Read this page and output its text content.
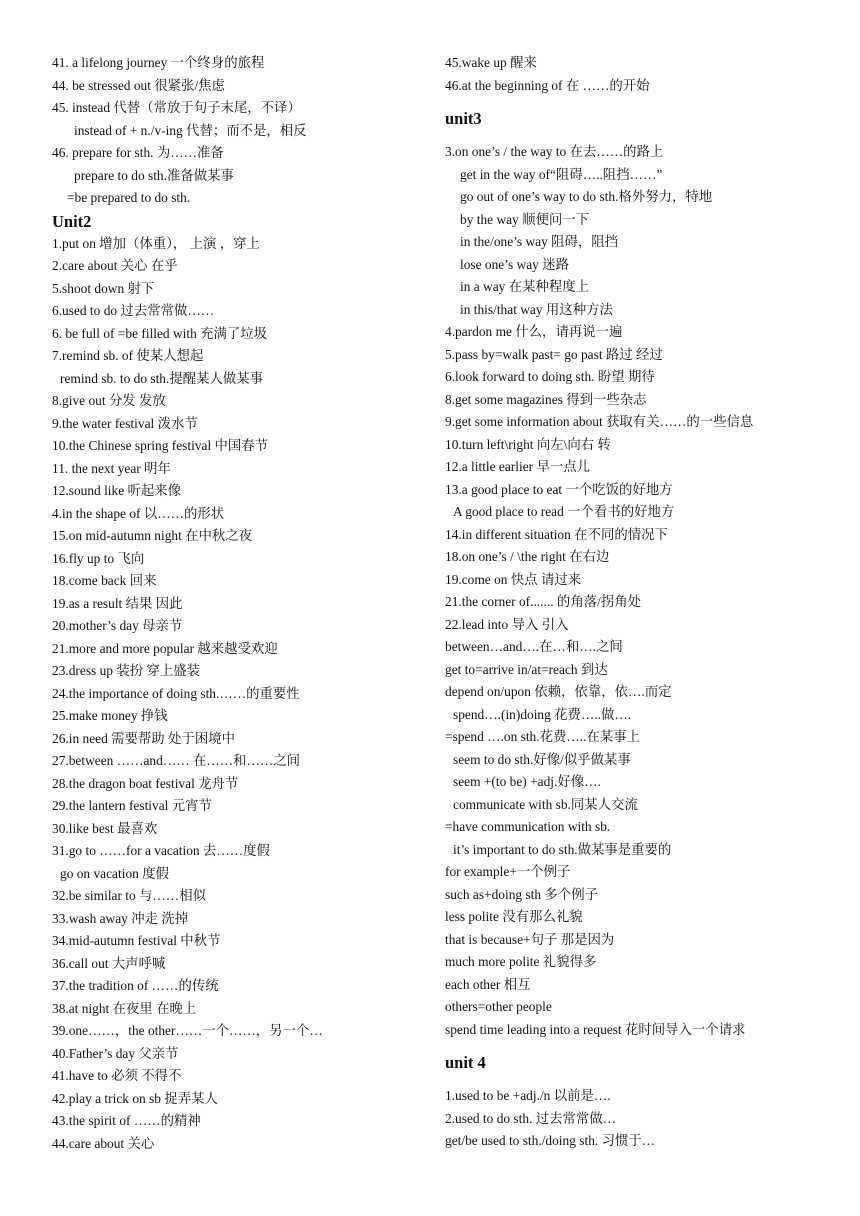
41. a lifelong journey 一个终身的旅程
44. be stressed out 很紧张/焦虑
45. instead 代替（常放于句子末尾，不译）
instead of + n./v-ing 代替；而不是，相反
46. prepare for sth. 为……准备
prepare to do sth.准备做某事
=be prepared to do sth.
Unit2
1.put on 增加（体重）， 上演 ，穿上
2.care about 关心 在乎
5.shoot down 射下
6.used to do 过去常常做……
6. be full of =be filled with 充满了垃圾
7.remind sb. of 使某人想起
remind sb. to do sth.提醒某人做某事
8.give out 分发 发放
9.the water festival 泼水节
10.the Chinese spring festival 中国春节
11. the next year 明年
12.sound like 听起来像
4.in the shape of 以……的形状
15.on mid-autumn night 在中秋之夜
16.fly up to 飞向
18.come back 回来
19.as a result 结果 因此
20.mother’s day 母亲节
21.more and more popular 越来越受欢迎
23.dress up 装扮 穿上盛装
24.the importance of doing sth.……的重要性
25.make money 挣钱
26.in need 需要帮助 处于困境中
27.between ……and…… 在……和……之间
28.the dragon boat festival 龙舟节
29.the lantern festival 元宵节
30.like best 最喜欢
31.go to ……for a vacation 去……度假
go on vacation 度假
32.be similar to 与……相似
33.wash away 冲走 洗掉
34.mid-autumn festival 中秋节
36.call out 大声呼喊
37.the tradition of ……的传统
38.at night 在夜里 在晚上
39.one……，the other……一个……，另一个…
40.Father’s day 父亲节
41.have to 必须 不得不
42.play a trick on sb 捉弄某人
43.the spirit of ……的精神
44.care about 关心
45.wake up 醒来
46.at the beginning of 在 ……的开始
unit3
3.on one’s / the way to 在去……的路上
get in the way of“阻碍…..阻挡……”
go out of one’s way to do sth.格外努力，特地
by the way 顺便问一下
in the/one’s way 阻碍，阻挡
lose one’s way 迷路
in a way 在某种程度上
in this/that way 用这种方法
4.pardon me 什么，请再说一遍
5.pass by=walk past= go past 路过 经过
6.look forward to doing sth. 盼望 期待
8.get some magazines 得到一些杂志
9.get some information about 获取有关……的一些信息
10.turn left\right 向左\向右 转
12.a little earlier 早一点儿
13.a good place to eat 一个吃饭的好地方
A good place to read 一个看书的好地方
14.in different situation 在不同的情况下
18.on one’s / \the right 在右边
19.come on 快点 请过来
21.the corner of....... 的角落/拐角处
22.lead into 导入 引入
between…and….在…和….之间
get to=arrive in/at=reach 到达
depend on/upon 依赖，依靠，依….而定
spend….(in)doing 花费…..做….
=spend ….on sth.花费…..在某事上
seem to do sth.好像/似乎做某事
seem +(to be) +adj.好像….
communicate with sb.同某人交流
=have communication with sb.
it’s important to do sth.做某事是重要的
for example+一个例子
such as+doing sth 多个例子
less polite 没有那么礼貌
that is because+句子 那是因为
much more polite 礼貌得多
each other 相互
others=other people
spend time leading into a request 花时间导入一个请求
unit 4
1.used to be +adj./n 以前是….
2.used to do sth. 过去常常做…
get/be used to sth./doing sth. 习惯于…
